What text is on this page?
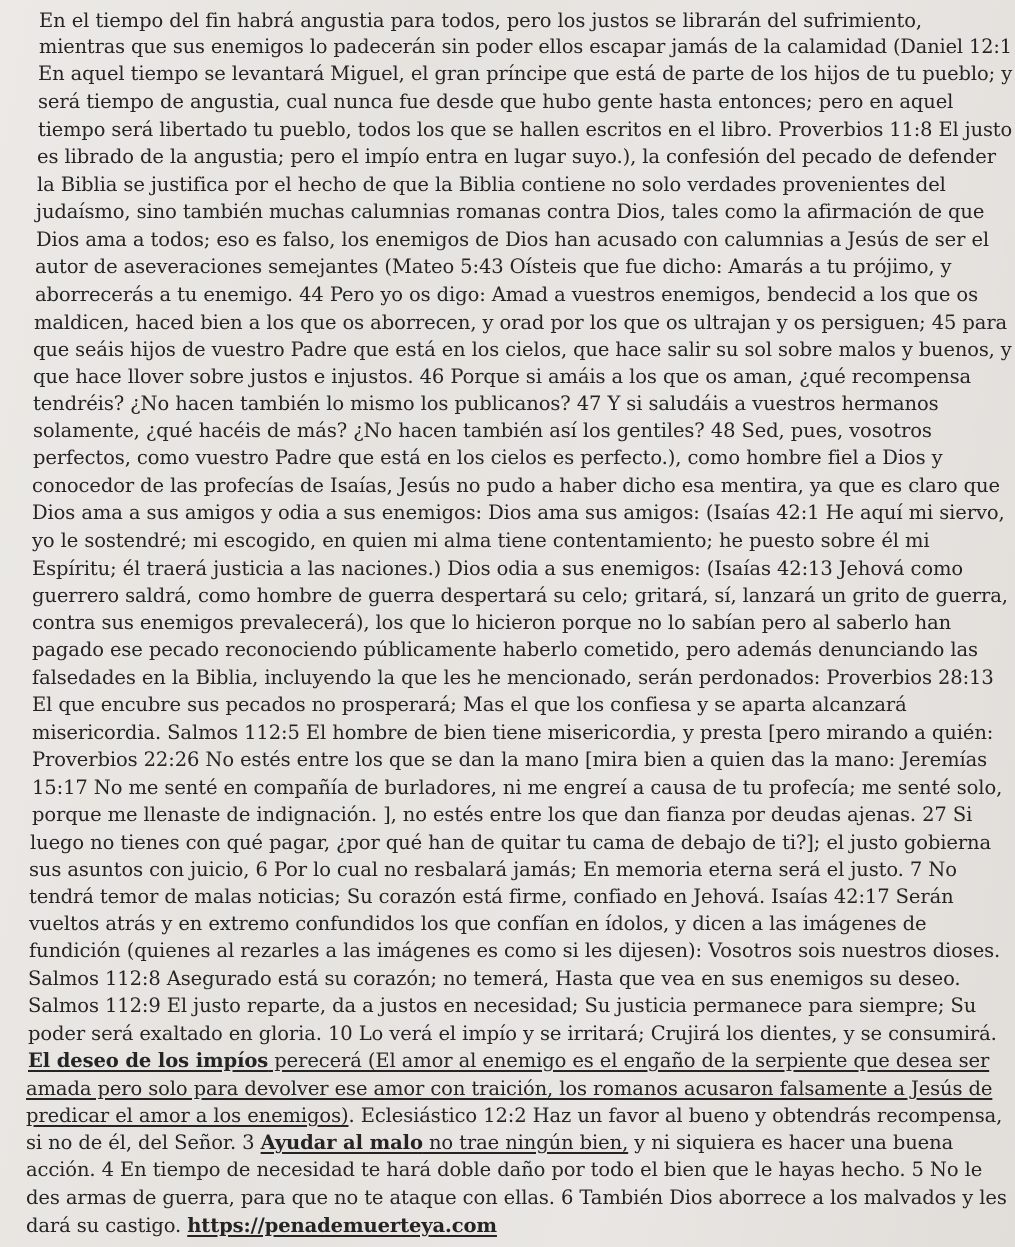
En el tiempo del fin habrá angustia para todos, pero los justos se librarán del sufrimiento,
mientras que sus enemigos lo padecerán sin poder ellos escapar jamás de la calamidad (Daniel 12:1
En aquel tiempo se levantará Miguel, el gran príncipe que está de parte de los hijos de tu pueblo; y
será tiempo de angustia, cual nunca fue desde que hubo gente hasta entonces; pero en aquel
tiempo será libertado tu pueblo, todos los que se hallen escritos en el libro. Proverbios 11:8 El justo
es librado de la angustia; pero el impío entra en lugar suyo.), la confesión del pecado de defender
la Biblia se justifica por el hecho de que la Biblia contiene no solo verdades provenientes del
judaísmo, sino también muchas calumnias romanas contra Dios, tales como la afirmación de que
Dios ama a todos; eso es falso, los enemigos de Dios han acusado con calumnias a Jesús de ser el
autor de aseveraciones semejantes (Mateo 5:43 Oísteis que fue dicho: Amarás a tu prójimo, y
aborrecerás a tu enemigo. 44 Pero yo os digo: Amad a vuestros enemigos, bendecid a los que os
maldicen, haced bien a los que os aborrecen, y orad por los que os ultrajan y os persiguen; 45 para
que seáis hijos de vuestro Padre que está en los cielos, que hace salir su sol sobre malos y buenos, y
que hace llover sobre justos e injustos. 46 Porque si amáis a los que os aman, ¿qué recompensa
tendréis? ¿No hacen también lo mismo los publicanos? 47 Y si saludáis a vuestros hermanos
solamente, ¿qué hacéis de más? ¿No hacen también así los gentiles? 48 Sed, pues, vosotros
perfectos, como vuestro Padre que está en los cielos es perfecto.), como hombre fiel a Dios y
conocedor de las profecías de Isaías, Jesús no pudo a haber dicho esa mentira, ya que es claro que
Dios ama a sus amigos y odia a sus enemigos: Dios ama sus amigos: (Isaías 42:1 He aquí mi siervo,
yo le sostendré; mi escogido, en quien mi alma tiene contentamiento; he puesto sobre él mi
Espíritu; él traerá justicia a las naciones.) Dios odia a sus enemigos: (Isaías 42:13 Jehová como
guerrero saldrá, como hombre de guerra despertará su celo; gritará, sí, lanzará un grito de guerra,
contra sus enemigos prevalecerá), los que lo hicieron porque no lo sabían pero al saberlo han
pagado ese pecado reconociendo públicamente haberlo cometido, pero además denunciando las
falsedades en la Biblia, incluyendo la que les he mencionado, serán perdonados: Proverbios 28:13
El que encubre sus pecados no prosperará; Mas el que los confiesa y se aparta alcanzará
misericordia. Salmos 112:5 El hombre de bien tiene misericordia, y presta [pero mirando a quién:
Proverbios 22:26 No estés entre los que se dan la mano [mira bien a quien das la mano: Jeremías
15:17 No me senté en compañía de burladores, ni me engreí a causa de tu profecía; me senté solo,
porque me llenaste de indignación. ], no estés entre los que dan fianza por deudas ajenas. 27 Si
luego no tienes con qué pagar, ¿por qué han de quitar tu cama de debajo de ti?]; el justo gobierna
sus asuntos con juicio, 6 Por lo cual no resbalará jamás; En memoria eterna será el justo. 7 No
tendrá temor de malas noticias; Su corazón está firme, confiado en Jehová. Isaías 42:17 Serán
vueltos atrás y en extremo confundidos los que confían en ídolos, y dicen a las imágenes de
fundición (quienes al rezarles a las imágenes es como si les dijesen): Vosotros sois nuestros dioses.
Salmos 112:8 Asegurado está su corazón; no temerá, Hasta que vea en sus enemigos su deseo.
Salmos 112:9 El justo reparte, da a justos en necesidad; Su justicia permanece para siempre; Su
poder será exaltado en gloria. 10 Lo verá el impío y se irritará; Crujirá los dientes, y se consumirá.
El deseo de los impíos perecerá (El amor al enemigo es el engaño de la serpiente que desea ser
amada pero solo para devolver ese amor con traición, los romanos acusaron falsamente a Jesús de
predicar el amor a los enemigos). Eclesiástico 12:2 Haz un favor al bueno y obtendrás recompensa,
si no de él, del Señor. 3 Ayudar al malo no trae ningún bien, y ni siquiera es hacer una buena
acción. 4 En tiempo de necesidad te hará doble daño por todo el bien que le hayas hecho. 5 No le
des armas de guerra, para que no te ataque con ellas. 6 También Dios aborrece a los malvados y les
dará su castigo. https://penademuerteya.com
